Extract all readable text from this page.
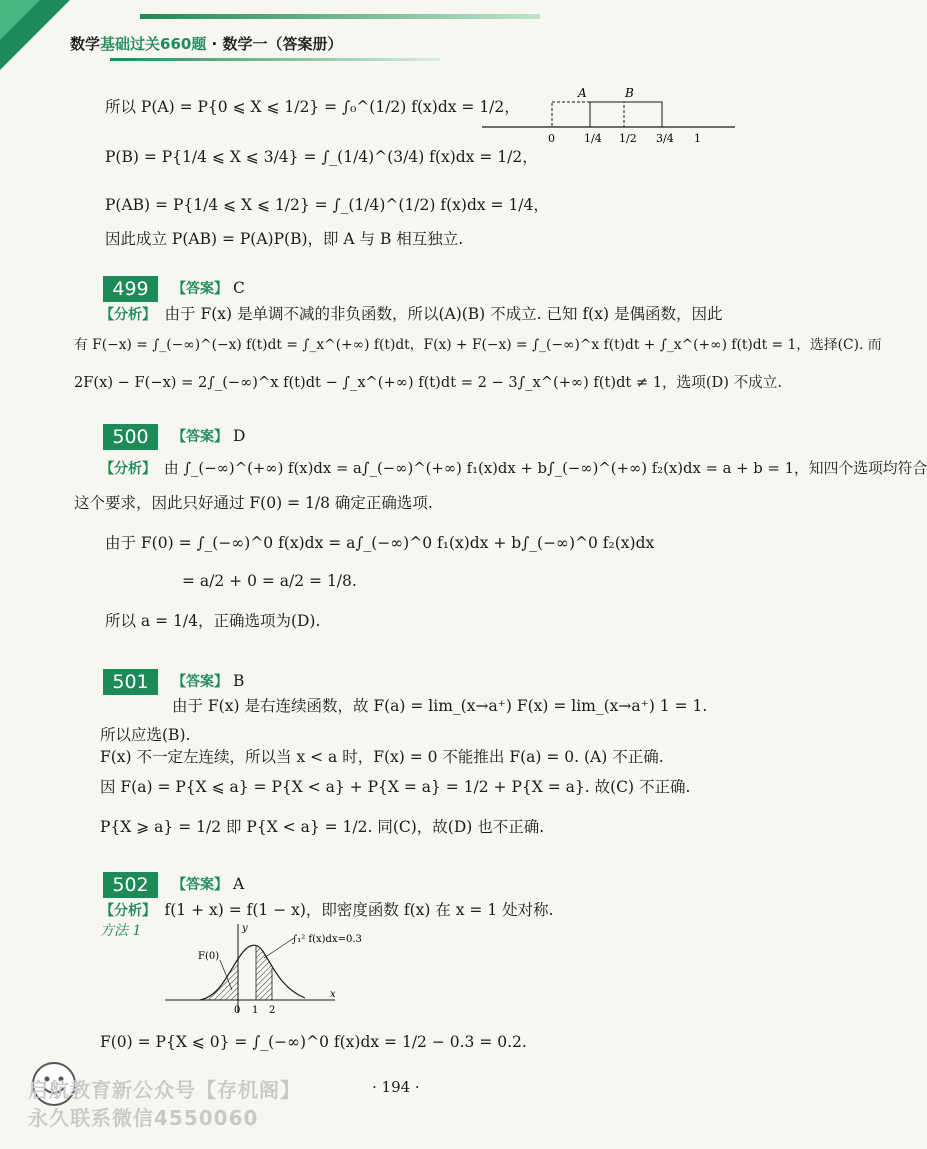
数学基础过关660题 · 数学一（答案册）
所以 P(A) = P{0 ⩽ X ⩽ 1/2} = ∫₀^(1/2) f(x)dx = 1/2，
P(B) = P{1/4 ⩽ X ⩽ 3/4} = ∫_(1/4)^(3/4) f(x)dx = 1/2，
P(AB) = P{1/4 ⩽ X ⩽ 1/2} = ∫_(1/4)^(1/2) f(x)dx = 1/4，
因此成立 P(AB) = P(A)P(B)，即 A 与 B 相互独立.
A	B
0	1/4 1/2 3/4 1
499	【答案】 C
【分析】　 由于 F(x) 是单调不减的非负函数，所以(A)(B) 不成立. 已知 f(x) 是偶函数，因此
有 F(−x) = ∫_(−∞)^(−x) f(t)dt = ∫_x^(+∞) f(t)dt，F(x) + F(−x) = ∫_(−∞)^x f(t)dt + ∫_x^(+∞) f(t)dt = 1，选择(C). 而
2F(x) − F(−x) = 2∫_(−∞)^x f(t)dt − ∫_x^(+∞) f(t)dt = 2 − 3∫_x^(+∞) f(t)dt ≠ 1，选项(D) 不成立.
500	【答案】 D
【分析】　 由 ∫_(−∞)^(+∞) f(x)dx = a∫_(−∞)^(+∞) f₁(x)dx + b∫_(−∞)^(+∞) f₂(x)dx = a + b = 1，知四个选项均符合
这个要求，因此只好通过 F(0) = 1/8 确定正确选项.
由于 F(0) = ∫_(−∞)^0 f(x)dx = a∫_(−∞)^0 f₁(x)dx + b∫_(−∞)^0 f₂(x)dx
= a/2 + 0 = a/2 = 1/8.
所以 a = 1/4，正确选项为(D).
501	【答案】 B
由于 F(x) 是右连续函数，故 F(a) = lim_(x→a⁺) F(x) = lim_(x→a⁺) 1 = 1.
所以应选(B).
F(x) 不一定左连续，所以当 x < a 时，F(x) = 0 不能推出 F(a) = 0. (A) 不正确.
因 F(a) = P{X ⩽ a} = P{X < a} + P{X = a} = 1/2 + P{X = a}. 故(C) 不正确.
P{X ⩾ a} = 1/2 即 P{X < a} = 1/2. 同(C)，故(D) 也不正确.
502	【答案】 A
【分析】　 f(1 + x) = f(1 − x)，即密度函数 f(x) 在 x = 1 处对称.
方法 1	y
x
F(0)
∫₁² f(x)dx=0.3
0 1 2
F(0) = P{X ⩽ 0} = ∫_(−∞)^0 f(x)dx = 1/2 − 0.3 = 0.2.
· 194 ·
启航教育新公众号【存机阁】
永久联系微信4550060
